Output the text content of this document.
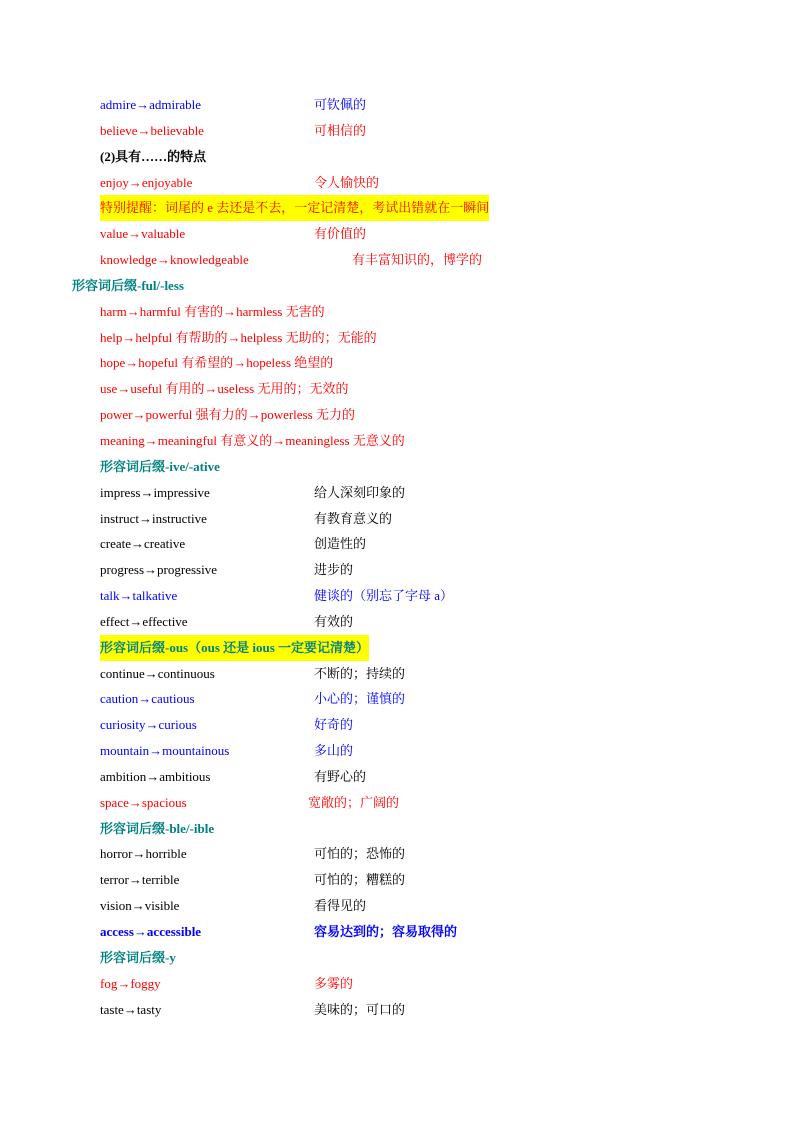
admire→admirable	可钦佩的
believe→believable	可相信的
(2)具有……的特点
enjoy→enjoyable	令人愉快的
特别提醒：词尾的 e 去还是不去，一定记清楚，考试出错就在一瞬间
value→valuable	有价值的
knowledge→knowledgeable	有丰富知识的，博学的
形容词后缀-ful/-less
harm→harmful 有害的→harmless 无害的
help→helpful 有帮助的→helpless 无助的；无能的
hope→hopeful 有希望的→hopeless 绝望的
use→useful 有用的→useless 无用的；无效的
power→powerful 强有力的→powerless 无力的
meaning→meaningful 有意义的→meaningless 无意义的
形容词后缀-ive/-ative
impress→impressive	给人深刻印象的
instruct→instructive	有教育意义的
create→creative	创造性的
progress→progressive	进步的
talk→talkative	健谈的（别忘了字母 a）
effect→effective	有效的
形容词后缀-ous（ous 还是 ious 一定要记清楚）
continue→continuous	不断的；持续的
caution→cautious	小心的；谨慎的
curiosity→curious	好奇的
mountain→mountainous	多山的
ambition→ambitious	有野心的
space→spacious	宽敞的；广阔的
形容词后缀-ble/-ible
horror→horrible	可怕的；恐怖的
terror→terrible	可怕的；糟糕的
vision→visible	看得见的
access→accessible	容易达到的；容易取得的
形容词后缀-y
fog→foggy	多雾的
taste→tasty	美味的；可口的
